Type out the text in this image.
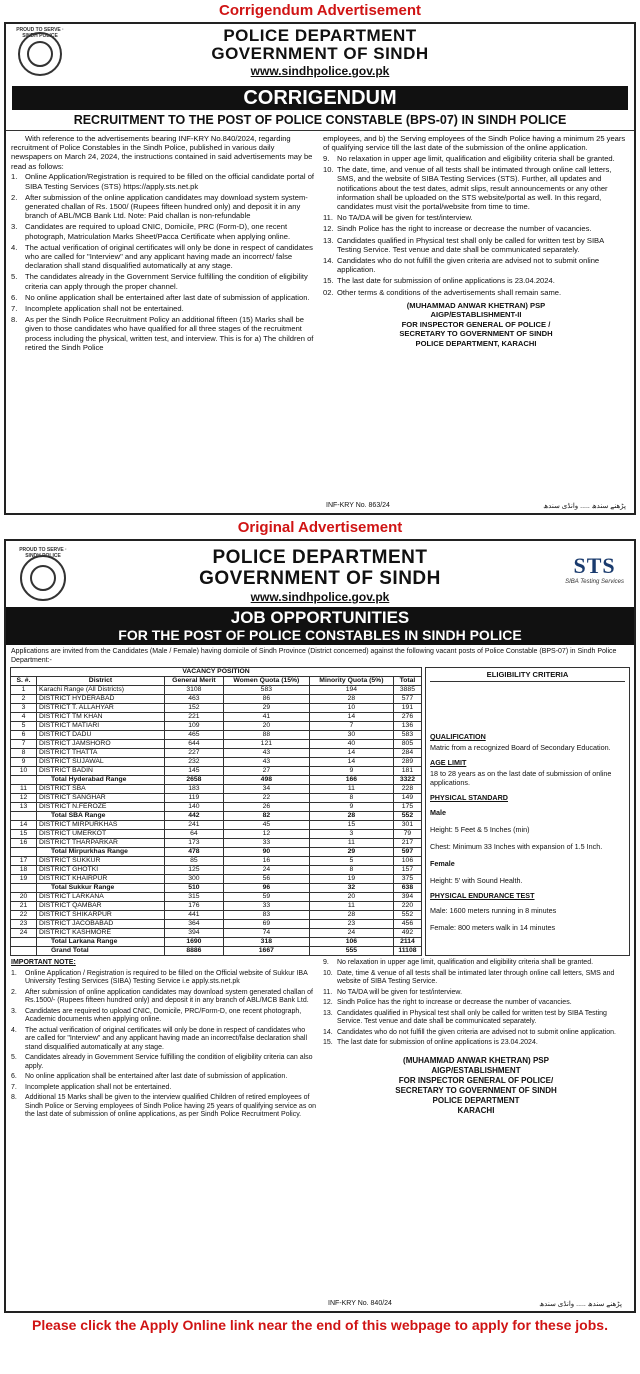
Corrigendum Advertisement
PROUD TO SERVE · SINDH POLICE	POLICE DEPARTMENT
GOVERNMENT OF SINDH
www.sindhpolice.gov.pk
CORRIGENDUM
RECRUITMENT TO THE POST OF POLICE CONSTABLE (BPS-07) IN SINDH POLICE

With reference to the advertisements bearing INF-KRY No.840/2024, regarding recruitment of Police Constables in the Sindh Police, published in various daily newspapers on March 24, 2024, the instructions contained in said advertisements may be read as follows:

1.	Online Application/Registration is required to be filled on the official candidate portal of SIBA Testing Services (STS) https://apply.sts.net.pk
2.	After submission of the online application candidates may download system system-generated challan of Rs. 1500/ (Rupees fifteen hundred only) and deposit it in any branch of ABL/MCB Bank Ltd. Note: Paid challan is non-refundable
3.	Candidates are required to upload CNIC, Domicile, PRC (Form-D), one recent photograph, Matriculation Marks Sheet/Pacca Certificate when applying online.
4.	The actual verification of original certificates will only be done in respect of candidates who are called for "Interview" and any applicant having made an incorrect/ false declaration shall stand disqualified automatically at any stage.
5.	The candidates already in the Government Service fulfilling the condition of eligibility criteria can apply through the proper channel.
6.	No online application shall be entertained after last date of submission of application.
7.	Incomplete application shall not be entertained.
8.	As per the Sindh Police Recruitment Policy an additional fifteen (15) Marks shall be given to those candidates who have qualified for all three stages of the recruitment process including the physical, written test, and interview. This is for a) The children of retired the Sindh Police

employees, and b) the Serving employees of the Sindh Police having a minimum 25 years of qualifying service till the last date of the submission of the online application.

9.	No relaxation in upper age limit, qualification and eligibility criteria shall be granted.
10. The date, time, and venue of all tests shall be intimated through online call letters, SMS, and the website of SIBA Testing Services (STS). Further, all updates and notifications about the test dates, admit slips, result announcements or any other information shall be uploaded on the STS website/portal as well. In this regard, candidates must visit the portal/website from time to time.
11. No TA/DA will be given for test/interview.
12. Sindh Police has the right to increase or decrease the number of vacancies.
13. Candidates qualified in Physical test shall only be called for written test by SIBA Testing Service. Test venue and date shall be communicated separately.
14. Candidates who do not fulfill the given criteria are advised not to submit online application.
15. The last date for submission of online applications is 23.04.2024.
02. Other terms & conditions of the advertisements shall remain same.
(MUHAMMAD ANWAR KHETRAN) PSP
AIGP/ESTABLISHMENT-II
FOR INSPECTOR GENERAL OF POLICE /
SECRETARY TO GOVERNMENT OF SINDH
POLICE DEPARTMENT, KARACHI
INF-KRY No. 863/24	پڑھنے سندھ ..... وانڈی سندھ
Original Advertisement
PROUD TO SERVE · SINDH POLICE	POLICE DEPARTMENT
GOVERNMENT OF SINDH
www.sindhpolice.gov.pk
STS
SIBA Testing Services
JOB OPPORTUNITIES
FOR THE POST OF POLICE CONSTABLES IN SINDH POLICE

Applications are invited from the Candidates (Male / Female) having domicile of Sindh Province (District concerned) against the following vacant posts of Police Constable (BPS-07) in Sindh Police Department:-

VACANCY POSITION					
S. #.	District	General Merit	Women Quota (15%)	Minority Quota (5%)	Total
1	Karachi Range (All Districts)	3108	583	194	3885
2	DISTRICT HYDERABAD	463	86	28	577
3	DISTRICT T. ALLAHYAR	152	29	10	191
4	DISTRICT TM KHAN	221	41	14	276
5	DISTRICT MATIARI	109	20	7	136
6	DISTRICT DADU	465	88	30	583
7	DISTRICT JAMSHORO	644	121	40	805
8	DISTRICT THATTA	227	43	14	284
9	DISTRICT SUJAWAL	232	43	14	289
10	DISTRICT BADIN	145	27	9	181
	Total Hyderabad Range	2658	498	166	3322
11	DISTRICT SBA	183	34	11	228
12	DISTRICT SANGHAR	119	22	8	149
13	DISTRICT N.FEROZE	140	26	9	175
	Total SBA Range	442	82	28	552
14	DISTRICT MIRPURKHAS	241	45	15	301
15	DISTRICT UMERKOT	64	12	3	79
16	DISTRICT THARPARKAR	173	33	11	217
	Total Mirpurkhas Range	478	90	29	597
17	DISTRICT SUKKUR	85	16	5	106
18	DISTRICT GHOTKI	125	24	8	157
19	DISTRICT KHAIRPUR	300	56	19	375
	Total Sukkur Range	510	96	32	638
20	DISTRICT LARKANA	315	59	20	394
21	DISTRICT QAMBAR	176	33	11	220
22	DISTRICT SHIKARPUR	441	83	28	552
23	DISTRICT JACOBABAD	364	69	23	456
24	DISTRICT KASHMORE	394	74	24	492
	Total Larkana Range	1690	318	106	2114
	Grand Total	8886	1667	555	11108
ELIGIBILITY CRITERIA
QUALIFICATION
Matric from a recognized Board of Secondary Education.
AGE LIMIT
18 to 28 years as on the last date of submission of online applications.
PHYSICAL STANDARD
Male
Height: 5 Feet & 5 Inches (min)
Chest: Minimum 33 Inches with expansion of 1.5 Inch.
Female
Height: 5' with Sound Health.
PHYSICAL ENDURANCE TEST
Male: 1600 meters running in 8 minutes
Female: 800 meters walk in 14 minutes
IMPORTANT NOTE:
1.	Online Application / Registration is required to be filled on the Official website of Sukkur IBA University Testing Services (SIBA) Testing Service i.e apply.sts.net.pk
2.	After submission of online application candidates may download system generated challan of Rs.1500/- (Rupees fifteen hundred only) and deposit it in any branch of ABL/MCB Bank Ltd.
3.	Candidates are required to upload CNIC, Domicile, PRC/Form-D, one recent photograph, Academic documents when applying online.
4.	The actual verification of original certificates will only be done in respect of candidates who are called for "Interview" and any applicant having made an incorrect/false declaration shall stand disqualified automatically at any stage.
5.	Candidates already in Government Service fulfilling the condition of eligibility criteria can also apply.
6.	No online application shall be entertained after last date of submission of application.
7.	Incomplete application shall not be entertained.
8.	Additional 15 Marks shall be given to the interview qualified Children of retired employees of Sindh Police or Serving employees of Sindh Police having 25 years of qualifying service as on the last date of submission of online applications, as per Sindh Police Recruitment Policy.
9.	No relaxation in upper age limit, qualification and eligibility criteria shall be granted.
10. Date, time & venue of all tests shall be intimated later through online call letters, SMS and website of SIBA Testing Service.
11. No TA/DA will be given for test/interview.
12. Sindh Police has the right to increase or decrease the number of vacancies.
13. Candidates qualified in Physical test shall only be called for written test by SIBA Testing Service. Test venue and date shall be communicated separately.
14. Candidates who do not fulfill the given criteria are advised not to submit online application.
15. The last date for submission of online applications is 23.04.2024.
(MUHAMMAD ANWAR KHETRAN) PSP
AIGP/ESTABLISHMENT
FOR INSPECTOR GENERAL OF POLICE/
SECRETARY TO GOVERNMENT OF SINDH
POLICE DEPARTMENT
KARACHI
INF-KRY No. 840/24	پڑھنے سندھ ..... وانڈی سندھ
Please click the Apply Online link near the end of this webpage to apply for these jobs.
